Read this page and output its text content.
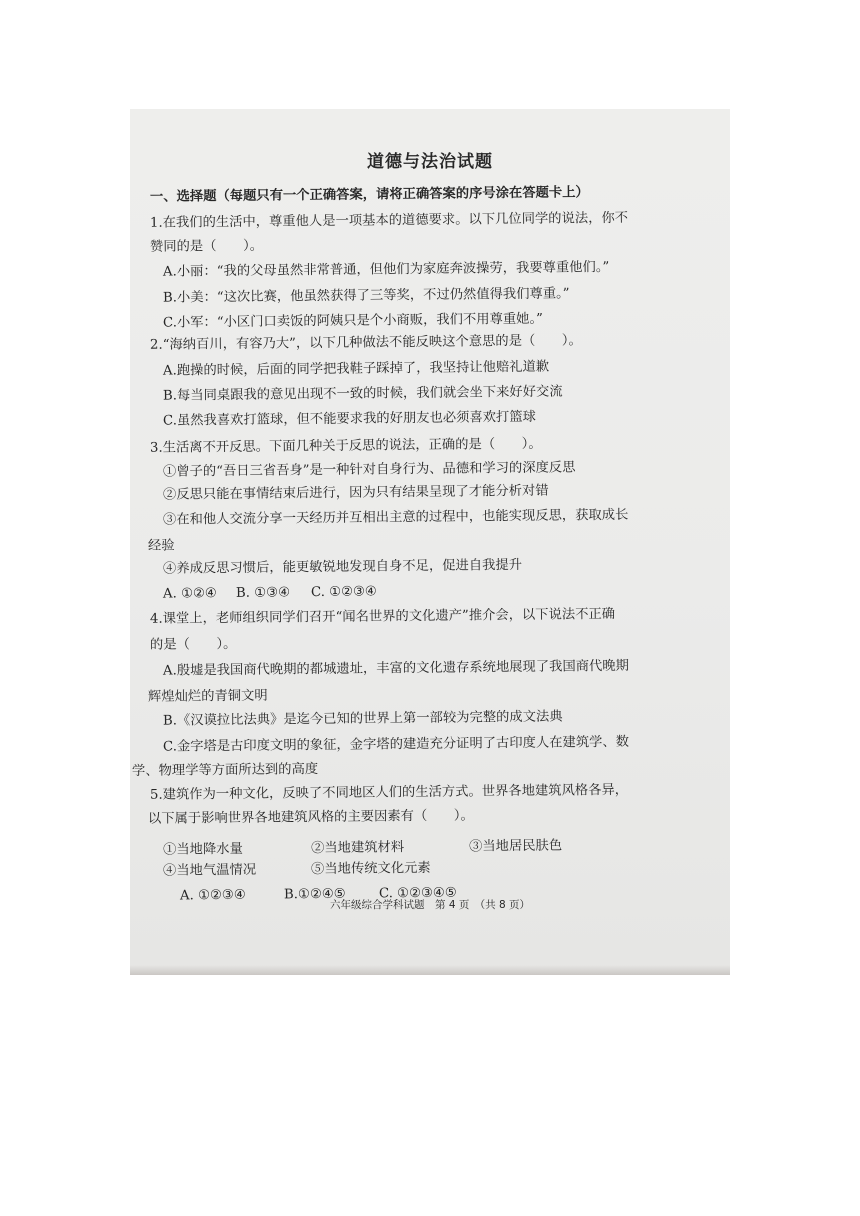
道德与法治试题
一、选择题（每题只有一个正确答案，请将正确答案的序号涂在答题卡上）
1.在我们的生活中，尊重他人是一项基本的道德要求。以下几位同学的说法，你不
赞同的是（　　）。
A.小丽：“我的父母虽然非常普通，但他们为家庭奔波操劳，我要尊重他们。”
B.小美：“这次比赛，他虽然获得了三等奖，不过仍然值得我们尊重。”
C.小军：“小区门口卖饭的阿姨只是个小商贩，我们不用尊重她。”
2.“海纳百川，有容乃大”，以下几种做法不能反映这个意思的是（　　）。
A.跑操的时候，后面的同学把我鞋子踩掉了，我坚持让他赔礼道歉
B.每当同桌跟我的意见出现不一致的时候，我们就会坐下来好好交流
C.虽然我喜欢打篮球，但不能要求我的好朋友也必须喜欢打篮球
3.生活离不开反思。下面几种关于反思的说法，正确的是（　　）。
①曾子的“吾日三省吾身”是一种针对自身行为、品德和学习的深度反思
②反思只能在事情结束后进行，因为只有结果呈现了才能分析对错
③在和他人交流分享一天经历并互相出主意的过程中，也能实现反思，获取成长
经验
④养成反思习惯后，能更敏锐地发现自身不足，促进自我提升
A. ①②④ B. ①③④ C. ①②③④
4.课堂上，老师组织同学们召开“闻名世界的文化遗产”推介会，以下说法不正确
的是（　　）。
A.殷墟是我国商代晚期的都城遗址，丰富的文化遗存系统地展现了我国商代晚期
辉煌灿烂的青铜文明
B.《汉谟拉比法典》是迄今已知的世界上第一部较为完整的成文法典
C.金字塔是古印度文明的象征，金字塔的建造充分证明了古印度人在建筑学、数
学、物理学等方面所达到的高度
5.建筑作为一种文化，反映了不同地区人们的生活方式。世界各地建筑风格各异，
以下属于影响世界各地建筑风格的主要因素有（　　）。
①当地降水量	②当地建筑材料	③当地居民肤色
④当地气温情况	⑤当地传统文化元素
A. ①②③④	B.①②④⑤ C. ①②③④⑤
六年级综合学科试题　第 4 页　（共 8 页）
